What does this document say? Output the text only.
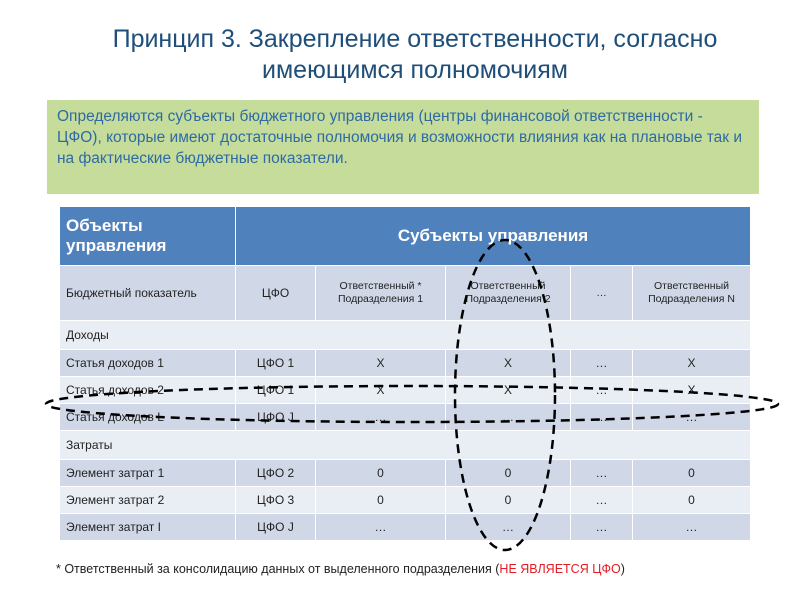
Принцип 3. Закрепление ответственности, согласно
имеющимся полномочиям
Определяются субъекты бюджетного управления (центры финансовой ответственности - ЦФО), которые имеют достаточные полномочия и возможности влияния как на плановые так и на фактические бюджетные показатели.
Объекты управления	Субъекты управления				
Бюджетный показатель	ЦФО	Ответственный * Подразделения 1	Ответственный Подразделения 2	…	Ответственный Подразделения N
Доходы					
Статья доходов 1	ЦФО 1	X	X	…	X
Статья доходов 2	ЦФО 1	X	X	…	X
Статья доходов L	ЦФО J	…	…	…	…
Затраты					
Элемент затрат 1	ЦФО 2	0	0	…	0
Элемент затрат 2	ЦФО 3	0	0	…	0
Элемент затрат I	ЦФО J	…	…	…	…
* Ответственный за консолидацию данных от выделенного подразделения (НЕ ЯВЛЯЕТСЯ ЦФО)
